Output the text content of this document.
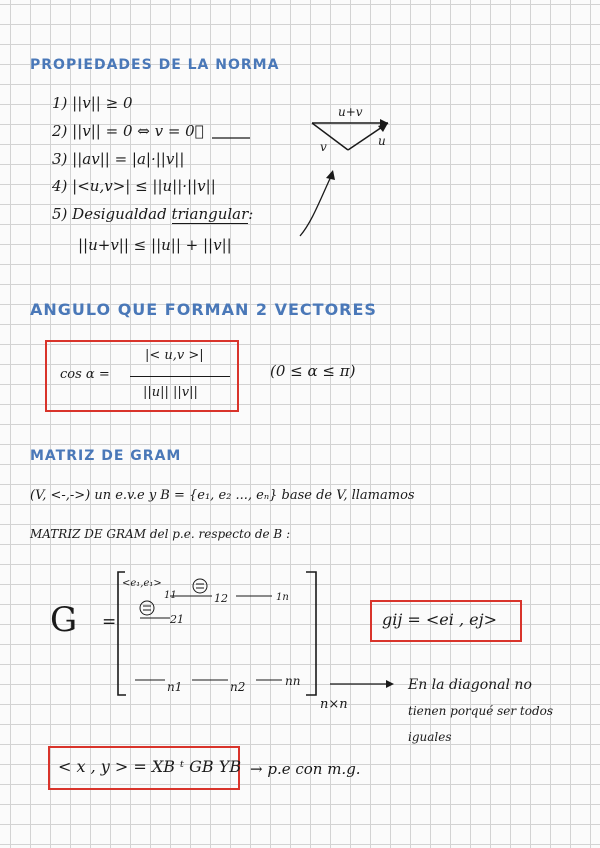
PROPIEDADES DE LA NORMA
1) ||v|| ≥ 0
2) ||v|| = 0 ⇔ v = 0⃗
3) ||av|| = |a|·||v||
4) |<u,v>| ≤ ||u||·||v||
5) Desigualdad triangular:
||u+v|| ≤ ||u|| + ||v||
u+v
v	u
ANGULO QUE FORMAN 2 VECTORES
cos α =
|< u,v >|
||u|| ||v||
(0 ≤ α ≤ π)
MATRIZ DE GRAM
(V, <-,->) un e.v.e y B = {e₁, e₂ ..., eₙ} base de V, llamamos
MATRIZ DE GRAM del p.e. respecto de B :
G =
<e₁,e₁>
11	12	1n
21
n1	n2	nn
n×n
gij = <ei , ej>
En la diagonal no
tienen porqué ser todos
iguales
< x , y > = XB ᵗ GB YB → p.e con m.g.
